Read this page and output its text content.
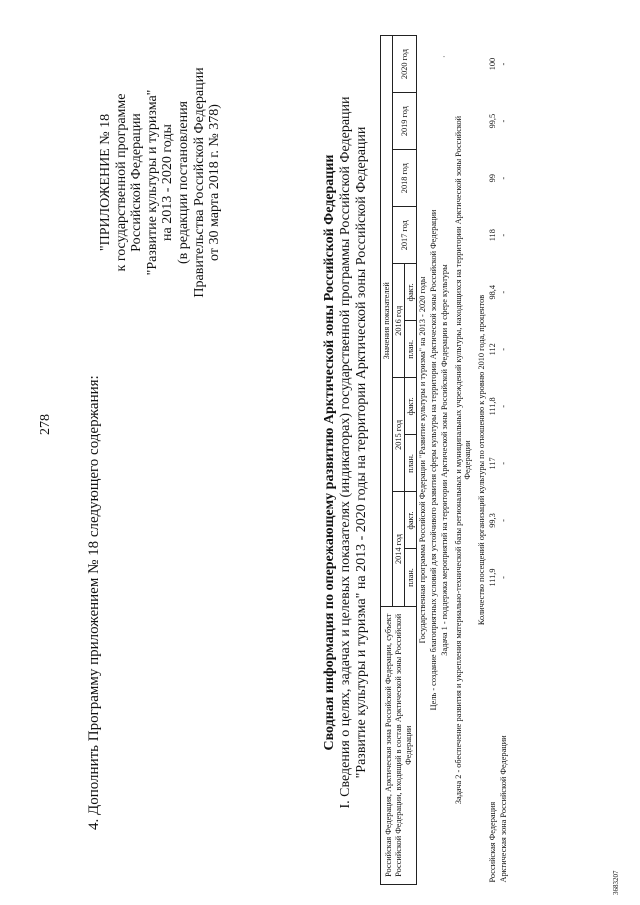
278 4. Дополнить Программу приложением № 18 следующего содержания:
"ПРИЛОЖЕНИЕ № 18 к государственной программе Российской Федерации "Развитие культуры и туризма" на 2013 - 2020 годы (в редакции постановления Правительства Российской Федерации от 30 марта 2018 г. № 378)	Сводная информация по опережающему развитию Арктической зоны Российской Федерации I. Сведения о целях, задачах и целевых показателях (индикаторах) государственной программы Российской Федерации "Развитие культуры и туризма" на 2013 - 2020 годы на территории Арктической зоны Российской Федерации
·
Российская Федерация, Арктическая зона Российской Федерации, субъект Российской Федерации, входящий в состав Арктической зоны Российской Федерации	Значения показателей									
	2014 год		2015 год		2016 год		2017 год	2018 год	2019 год	2020 год
	план.	факт.	план.	факт.	план.	факт.				
Государственная программа Российской Федерации "Развитие культуры и туризма" на 2013 - 2020 годы										
Цель - создание благоприятных условий для устойчивого развития сферы культуры на территории Арктической зоны Российской Федерации										
Задача 1 - поддержка мероприятий на территории Арктической зоны Российской Федерации в сфере культуры										
Задача 2 - обеспечение развития и укрепления материально-технической базы региональных и муниципальных учреждений культуры, находящихся на территории Арктической зоны Российской Федерации										
Количество посещений организаций культуры по отношению к уровню 2010 года, процентов										
Российская Федерация	111,9	99,3	117	111,8	112	98,4	118	99	99,5	100
Арктическая зона Российской Федерации	-	-	-	-	-	-	-	-	-	-
3683207
